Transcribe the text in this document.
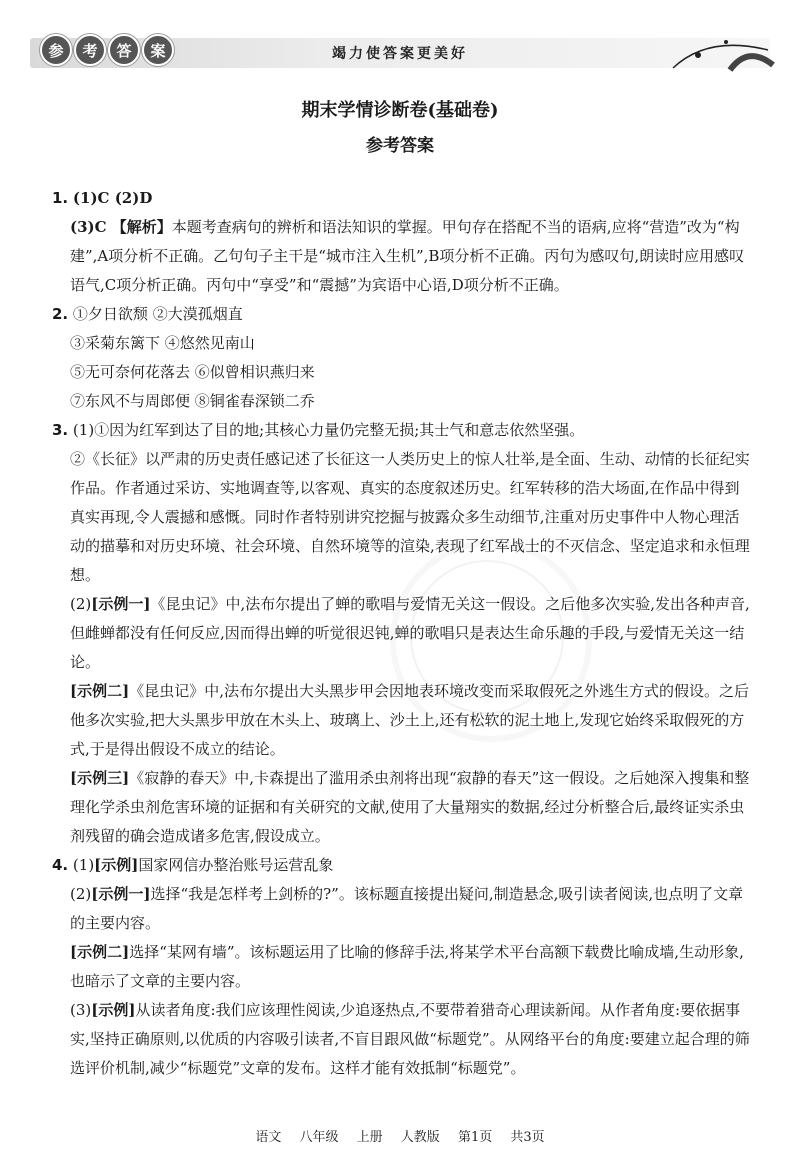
参	考	答	案	竭力使答案更美好
期末学情诊断卷(基础卷)
参考答案

1. (1)C (2)D

(3)C 【解析】本题考查病句的辨析和语法知识的掌握。甲句存在搭配不当的语病,应将“营造”改为“构建”,A项分析不正确。乙句句子主干是“城市注入生机”,B项分析不正确。丙句为感叹句,朗读时应用感叹语气,C项分析正确。丙句中“享受”和“震撼”为宾语中心语,D项分析不正确。

2. ①夕日欲颓 ②大漠孤烟直

③采菊东篱下 ④悠然见南山

⑤无可奈何花落去 ⑥似曾相识燕归来

⑦东风不与周郎便 ⑧铜雀春深锁二乔

3. (1)①因为红军到达了目的地;其核心力量仍完整无损;其士气和意志依然坚强。

②《长征》以严肃的历史责任感记述了长征这一人类历史上的惊人壮举,是全面、生动、动情的长征纪实作品。作者通过采访、实地调查等,以客观、真实的态度叙述历史。红军转移的浩大场面,在作品中得到真实再现,令人震撼和感慨。同时作者特别讲究挖掘与披露众多生动细节,注重对历史事件中人物心理活动的描摹和对历史环境、社会环境、自然环境等的渲染,表现了红军战士的不灭信念、坚定追求和永恒理想。

(2)[示例一]《昆虫记》中,法布尔提出了蝉的歌唱与爱情无关这一假设。之后他多次实验,发出各种声音,但雌蝉都没有任何反应,因而得出蝉的听觉很迟钝,蝉的歌唱只是表达生命乐趣的手段,与爱情无关这一结论。

[示例二]《昆虫记》中,法布尔提出大头黑步甲会因地表环境改变而采取假死之外逃生方式的假设。之后他多次实验,把大头黑步甲放在木头上、玻璃上、沙土上,还有松软的泥土地上,发现它始终采取假死的方式,于是得出假设不成立的结论。

[示例三]《寂静的春天》中,卡森提出了滥用杀虫剂将出现“寂静的春天”这一假设。之后她深入搜集和整理化学杀虫剂危害环境的证据和有关研究的文献,使用了大量翔实的数据,经过分析整合后,最终证实杀虫剂残留的确会造成诸多危害,假设成立。

4. (1)[示例]国家网信办整治账号运营乱象

(2)[示例一]选择“我是怎样考上剑桥的?”。该标题直接提出疑问,制造悬念,吸引读者阅读,也点明了文章的主要内容。

[示例二]选择“某网有墙”。该标题运用了比喻的修辞手法,将某学术平台高额下载费比喻成墙,生动形象,也暗示了文章的主要内容。

(3)[示例]从读者角度:我们应该理性阅读,少追逐热点,不要带着猎奇心理读新闻。从作者角度:要依据事实,坚持正确原则,以优质的内容吸引读者,不盲目跟风做“标题党”。从网络平台的角度:要建立起合理的筛选评价机制,减少“标题党”文章的发布。这样才能有效抵制“标题党”。

语文 八年级 上册 人教版 第1页 共3页
